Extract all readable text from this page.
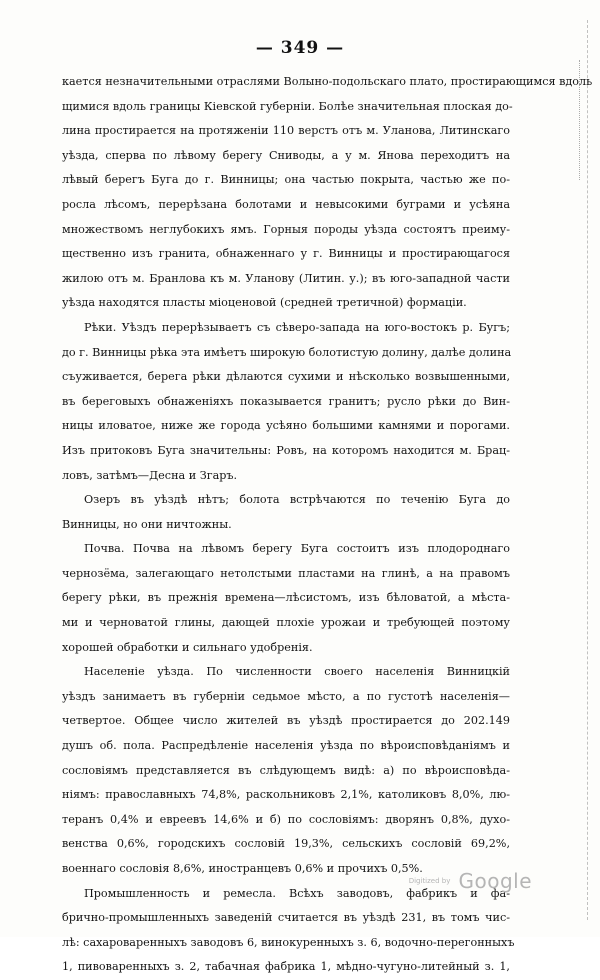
— 349 —
кается незначительными отраслями Волыно-подольскаго плато, простирающимся вдоль
щимися вдоль границы Кіевской губерніи. Болѣе значительная плоская до-
лина простирается на протяженіи 110 верстъ отъ м. Уланова, Литинскаго
уѣзда, сперва по лѣвому берегу Сниводы, а у м. Янова переходитъ на
лѣвый берегъ Буга до г. Винницы; она частью покрыта, частью же по-
росла лѣсомъ, перерѣзана болотами и невысокими буграми и усѣяна
множествомъ неглубокихъ ямъ. Горныя породы уѣзда состоятъ преиму-
щественно изъ гранита, обнаженнаго у г. Винницы и простирающагося
жилою отъ м. Бранлова къ м. Уланову (Литин. у.); въ юго-западной части
уѣзда находятся пласты міоценовой (средней третичной) формаціи.
Рѣки. Уѣздъ перерѣзываетъ съ сѣверо-запада на юго-востокъ р. Бугъ;
до г. Винницы рѣка эта имѣетъ широкую болотистую долину, далѣе долина
съуживается, берега рѣки дѣлаются сухими и нѣсколько возвышенными,
въ береговыхъ обнаженіяхъ показывается гранитъ; русло рѣки до Вин-
ницы иловатое, ниже же города усѣяно большими камнями и порогами.
Изъ притоковъ Буга значительны: Ровъ, на которомъ находится м. Брац-
ловъ, затѣмъ—Десна и Згаръ.
Озеръ въ уѣздѣ нѣтъ; болота встрѣчаются по теченію Буга до
Винницы, но они ничтожны.
Почва. Почва на лѣвомъ берегу Буга состоитъ изъ плодороднаго
чернозёма, залегающаго нетолстыми пластами на глинѣ, а на правомъ
берегу рѣки, въ прежнія времена—лѣсистомъ, изъ бѣловатой, а мѣста-
ми и черноватой глины, дающей плохіе урожаи и требующей поэтому
хорошей обработки и сильнаго удобренія.
Населеніе уѣзда. По численности своего населенія Винницкій
уѣздъ занимаетъ въ губерніи седьмое мѣсто, а по густотѣ населенія—
четвертое. Общее число жителей въ уѣздѣ простирается до 202.149
душъ об. пола. Распредѣленіе населенія уѣзда по вѣроисповѣданіямъ и
сословіямъ представляется въ слѣдующемъ видѣ: а) по вѣроисповѣда-
ніямъ: православныхъ 74,8%, раскольниковъ 2,1%, католиковъ 8,0%, лю-
теранъ 0,4% и евреевъ 14,6% и б) по сословіямъ: дворянъ 0,8%, духо-
венства 0,6%, городскихъ сословій 19,3%, сельскихъ сословій 69,2%,
военнаго сословія 8,6%, иностранцевъ 0,6% и прочихъ 0,5%.
Промышленность и ремесла. Всѣхъ заводовъ, фабрикъ и фа-
брично-промышленныхъ заведеній считается въ уѣздѣ 231, въ томъ чис-
лѣ: сахароваренныхъ заводовъ 6, винокуренныхъ з. 6, водочно-перегонныхъ
1, пивоваренныхъ з. 2, табачная фабрика 1, мѣдно-чугуно-литейный з. 1,
Digitized by Google
